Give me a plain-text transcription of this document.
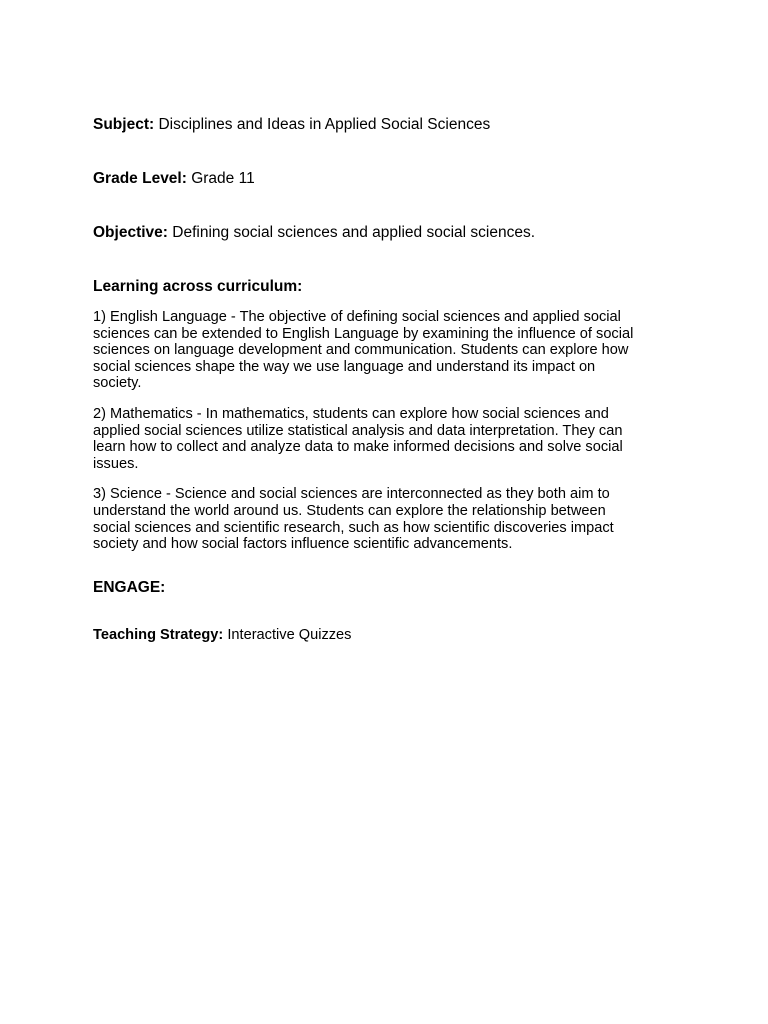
Subject: Disciplines and Ideas in Applied Social Sciences

Grade Level: Grade 11

Objective: Defining social sciences and applied social sciences.

Learning across curriculum:

1) English Language - The objective of defining social sciences and applied social
sciences can be extended to English Language by examining the influence of social
sciences on language development and communication. Students can explore how
social sciences shape the way we use language and understand its impact on
society.

2) Mathematics - In mathematics, students can explore how social sciences and
applied social sciences utilize statistical analysis and data interpretation. They can
learn how to collect and analyze data to make informed decisions and solve social
issues.

3) Science - Science and social sciences are interconnected as they both aim to
understand the world around us. Students can explore the relationship between
social sciences and scientific research, such as how scientific discoveries impact
society and how social factors influence scientific advancements.

ENGAGE:

Teaching Strategy: Interactive Quizzes
